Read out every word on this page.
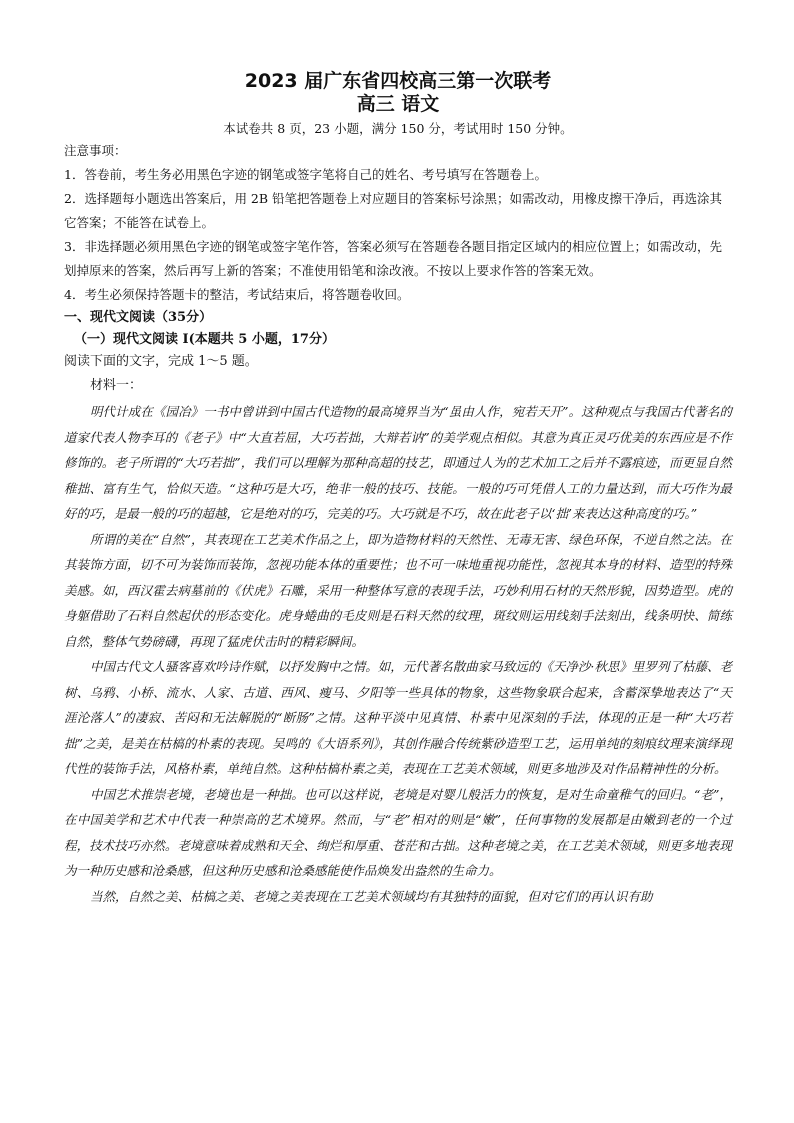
2023 届广东省四校高三第一次联考
高三 语文

本试卷共 8 页，23 小题，满分 150 分，考试用时 150 分钟。

注意事项：

1．答卷前，考生务必用黑色字迹的钢笔或签字笔将自己的姓名、考号填写在答题卷上。

2．选择题每小题选出答案后，用 2B 铅笔把答题卷上对应题目的答案标号涂黑；如需改动，用橡皮擦干净后，再选涂其它答案；不能答在试卷上。

3．非选择题必须用黑色字迹的钢笔或签字笔作答，答案必须写在答题卷各题目指定区域内的相应位置上；如需改动，先划掉原来的答案，然后再写上新的答案；不准使用铅笔和涂改液。不按以上要求作答的答案无效。

4．考生必须保持答题卡的整洁，考试结束后，将答题卷收回。

一、现代文阅读（35分）

（一）现代文阅读 I(本题共 5 小题，17分）

阅读下面的文字，完成 1～5 题。

材料一：

明代计成在《园冶》一书中曾讲到中国古代造物的最高境界当为“虽由人作，宛若天开”。这种观点与我国古代著名的道家代表人物李耳的《老子》中“大直若屈，大巧若拙，大辩若讷”的美学观点相似。其意为真正灵巧优美的东西应是不作修饰的。老子所谓的“大巧若拙”，我们可以理解为那种高超的技艺，即通过人为的艺术加工之后并不露痕迹，而更显自然稚拙、富有生气，恰似天造。“这种巧是大巧，绝非一般的技巧、技能。一般的巧可凭借人工的力量达到，而大巧作为最好的巧，是最一般的巧的超越，它是绝对的巧，完美的巧。大巧就是不巧，故在此老子以‘拙’来表达这种高度的巧。”

所谓的美在“自然”，其表现在工艺美术作品之上，即为造物材料的天然性、无毒无害、绿色环保，不逆自然之法。在其装饰方面，切不可为装饰而装饰，忽视功能本体的重要性；也不可一味地重视功能性，忽视其本身的材料、造型的特殊美感。如，西汉霍去病墓前的《伏虎》石雕，采用一种整体写意的表现手法，巧妙利用石材的天然形貌，因势造型。虎的身躯借助了石料自然起伏的形态变化。虎身蜷曲的毛皮则是石料天然的纹理，斑纹则运用线刻手法刻出，线条明快、简练自然，整体气势磅礴，再现了猛虎伏击时的精彩瞬间。

中国古代文人骚客喜欢吟诗作赋，以抒发胸中之情。如，元代著名散曲家马致远的《天净沙·秋思》里罗列了枯藤、老树、乌鸦、小桥、流水、人家、古道、西风、瘦马、夕阳等一些具体的物象，这些物象联合起来，含蓄深挚地表达了“天涯沦落人”的凄寂、苦闷和无法解脱的“断肠”之情。这种平淡中见真情、朴素中见深刻的手法，体现的正是一种“大巧若拙”之美，是美在枯槁的朴素的表现。吴鸣的《大语系列》，其创作融合传统紫砂造型工艺，运用单纯的刻痕纹理来演绎现代性的装饰手法，风格朴素，单纯自然。这种枯槁朴素之美，表现在工艺美术领域，则更多地涉及对作品精神性的分析。

中国艺术推崇老境，老境也是一种拙。也可以这样说，老境是对婴儿般活力的恢复，是对生命童稚气的回归。“老”，在中国美学和艺术中代表一种崇高的艺术境界。然而，与“老”相对的则是“嫩”，任何事物的发展都是由嫩到老的一个过程，技术技巧亦然。老境意味着成熟和天全、绚烂和厚重、苍茫和古拙。这种老境之美，在工艺美术领域，则更多地表现为一种历史感和沧桑感，但这种历史感和沧桑感能使作品焕发出盎然的生命力。

当然，自然之美、枯槁之美、老境之美表现在工艺美术领域均有其独特的面貌，但对它们的再认识有助
